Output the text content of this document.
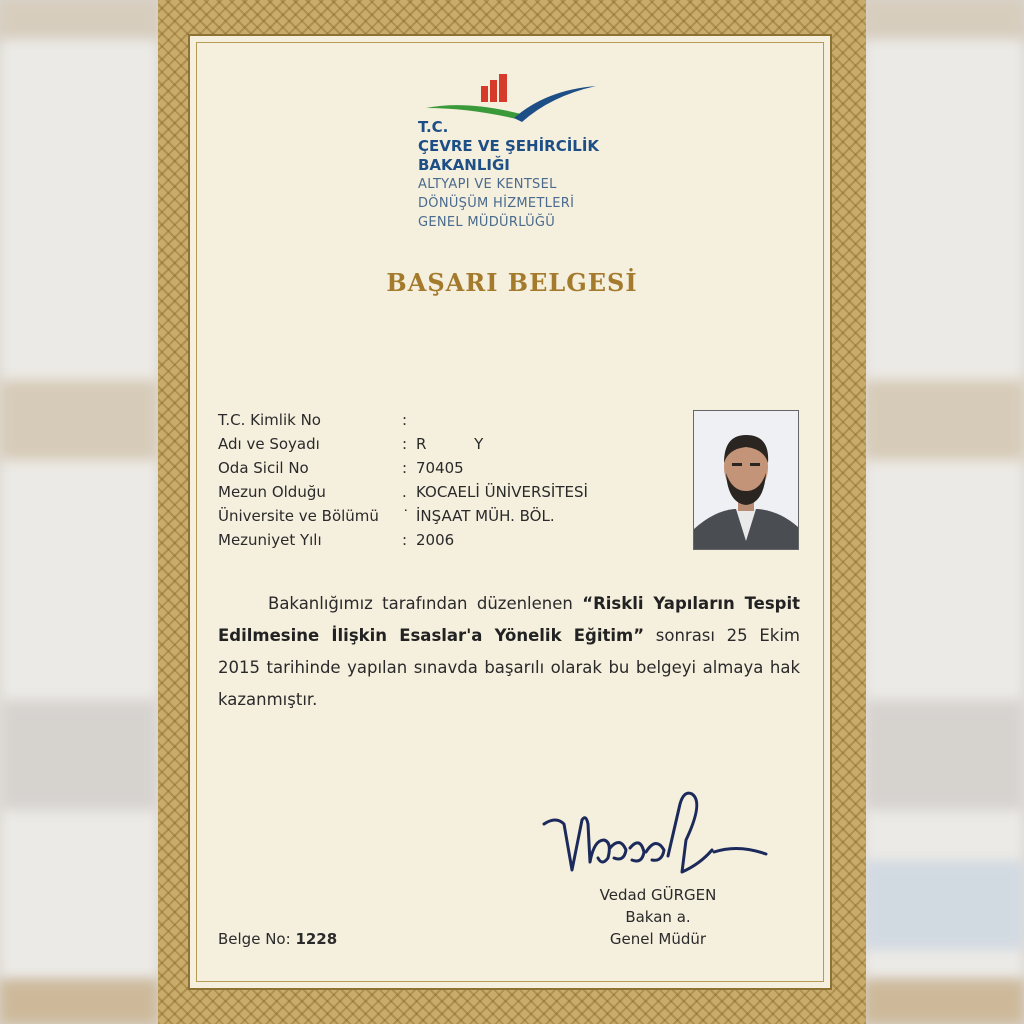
T.C.
ÇEVRE VE ŞEHİRCİLİK
BAKANLIĞI
ALTYAPI VE KENTSEL
DÖNÜŞÜM HİZMETLERİ
GENEL MÜDÜRLÜĞÜ
BAŞARI BELGESİ
T.C. Kimlik No	:
Adı ve Soyadı	: R          Y
Oda Sicil No	: 70405
Mezun Olduğu	. KOCAELİ ÜNİVERSİTESİ
Üniversite ve Bölümü	˙ İNŞAAT MÜH. BÖL.
Mezuniyet Yılı	: 2006
Bakanlığımız tarafından düzenlenen “Riskli Yapıların Tespit Edilmesine İlişkin Esaslar'a Yönelik Eğitim” sonrası 25 Ekim 2015 tarihinde yapılan sınavda başarılı olarak bu belgeyi almaya hak kazanmıştır.
Vedad GÜRGEN
Bakan a.
Genel Müdür
Belge No: 1228
